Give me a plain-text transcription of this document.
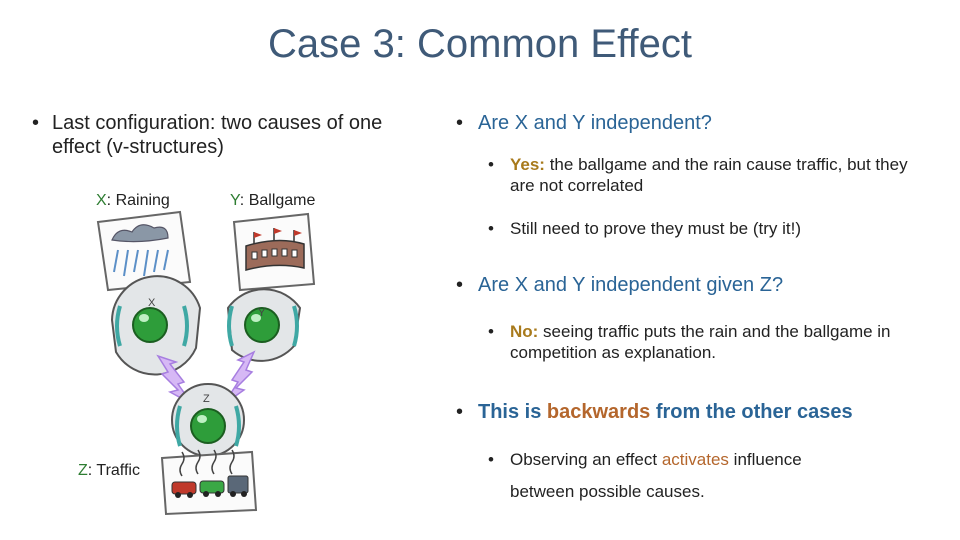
Case 3: Common Effect
• Last configuration: two causes of one effect (v-structures)
X: Raining	Y: Ballgame
Z: Traffic
X
Y
Z
• Are X and Y independent?
• Yes: the ballgame and the rain cause traffic, but they are not correlated
• Still need to prove they must be (try it!)
• Are X and Y independent given Z?
• No: seeing traffic puts the rain and the ballgame in competition as explanation.
• This is backwards from the other cases
• Observing an effect activates influence
between possible causes.
